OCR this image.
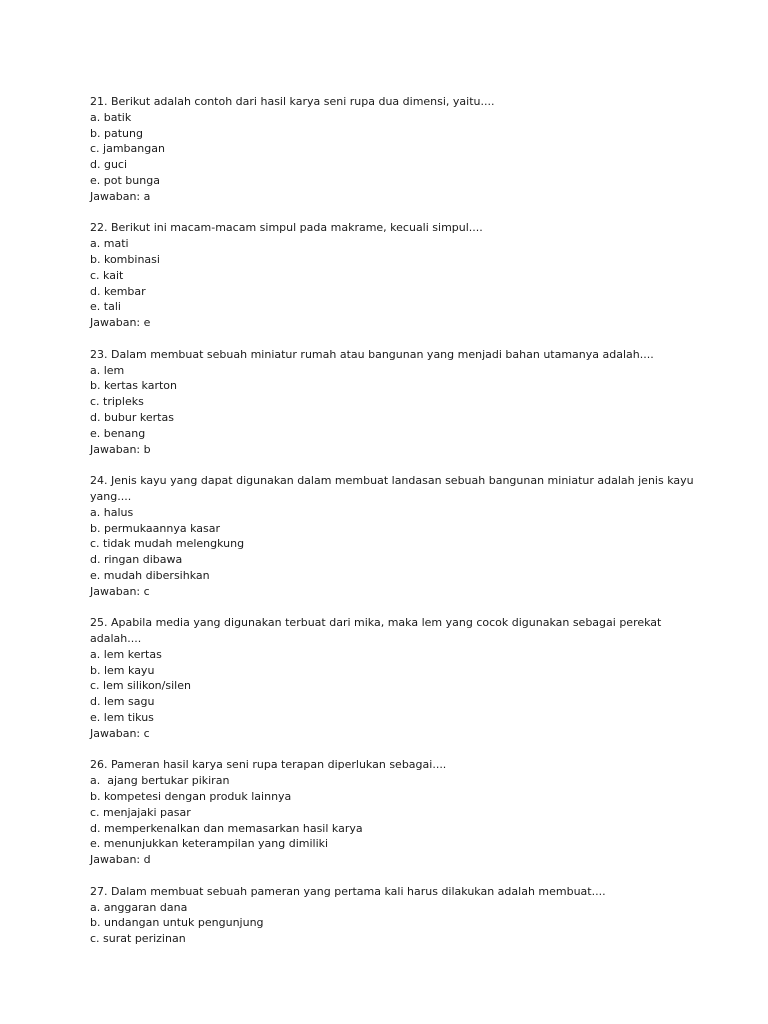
21. Berikut adalah contoh dari hasil karya seni rupa dua dimensi, yaitu....
a. batik
b. patung
c. jambangan
d. guci
e. pot bunga
Jawaban: a
22. Berikut ini macam-macam simpul pada makrame, kecuali simpul....
a. mati
b. kombinasi
c. kait
d. kembar
e. tali
Jawaban: e
23. Dalam membuat sebuah miniatur rumah atau bangunan yang menjadi bahan utamanya adalah....
a. lem
b. kertas karton
c. tripleks
d. bubur kertas
e. benang
Jawaban: b
24. Jenis kayu yang dapat digunakan dalam membuat landasan sebuah bangunan miniatur adalah jenis kayu
yang....
a. halus
b. permukaannya kasar
c. tidak mudah melengkung
d. ringan dibawa
e. mudah dibersihkan
Jawaban: c
25. Apabila media yang digunakan terbuat dari mika, maka lem yang cocok digunakan sebagai perekat adalah....
a. lem kertas
b. lem kayu
c. lem silikon/silen
d. lem sagu
e. lem tikus
Jawaban: c
26. Pameran hasil karya seni rupa terapan diperlukan sebagai....
a.  ajang bertukar pikiran
b. kompetesi dengan produk lainnya
c. menjajaki pasar
d. memperkenalkan dan memasarkan hasil karya
e. menunjukkan keterampilan yang dimiliki
Jawaban: d
27. Dalam membuat sebuah pameran yang pertama kali harus dilakukan adalah membuat....
a. anggaran dana
b. undangan untuk pengunjung
c. surat perizinan
